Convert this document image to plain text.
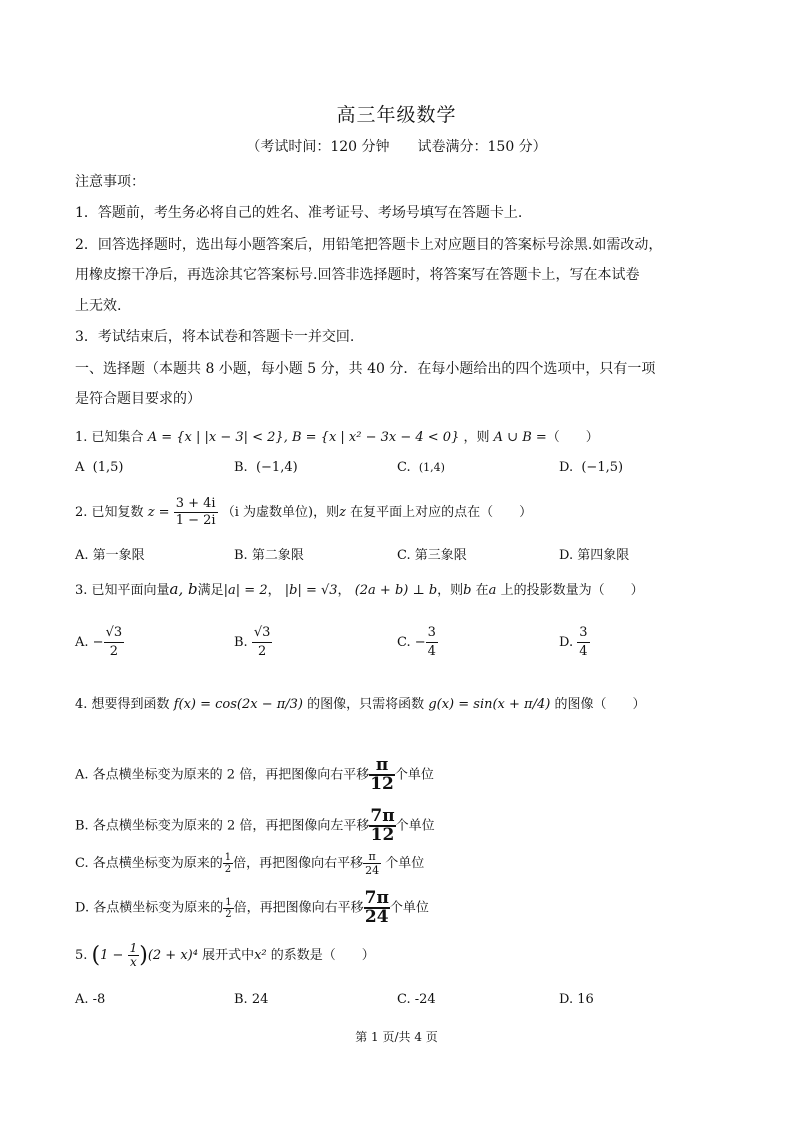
高三年级数学
（考试时间：120 分钟　　试卷满分：150 分）
注意事项：
1．答题前，考生务必将自己的姓名、准考证号、考场号填写在答题卡上.
2．回答选择题时，选出每小题答案后，用铅笔把答题卡上对应题目的答案标号涂黑.如需改动，
用橡皮擦干净后，再选涂其它答案标号.回答非选择题时，将答案写在答题卡上，写在本试卷
上无效.
3．考试结束后，将本试卷和答题卡一并交回.
一、选择题（本题共 8 小题，每小题 5 分，共 40 分．在每小题给出的四个选项中，只有一项
是符合题目要求的）
1. 已知集合 A = {x | |x − 3| < 2}, B = {x | x² − 3x − 4 < 0} ，则 A ∪ B =（　　）
A (1,5)	B. (−1,4)	C. (1,4)	D. (−1,5)
2. 已知复数 $z = \frac{3 + 4i}{1 - 2i} (i$ 为虚数单位)，则z 在复平面上对应的点在（　　）
A. 第一象限	B. 第二象限	C. 第三象限	D. 第四象限
3. 已知平面向量a, b满足|a| = 2， |b| = √3， (2a + b) ⊥ b，则b 在a 上的投影数量为（　　）
A. − $\frac{√3}{2}$	B. $\frac{√3}{2}$	C. − $\frac{3}{4}$	D. $\frac{3}{4}$
4. 想要得到函数 f(x) = cos(2x − π/3) 的图像，只需将函数 g(x) = sin(x + π/4) 的图像（　　）
A. 各点横坐标变为原来的 2 倍，再把图像向右平移 $\frac{\pi}{12}$ 个单位
B. 各点横坐标变为原来的 2 倍，再把图像向左平移 $\frac{7\pi}{12}$ 个单位
C. 各点横坐标变为原来的 $\frac{1}{2}$ 倍，再把图像向右平移 $\frac{\pi}{24}$ 个单位
D. 各点横坐标变为原来的 $\frac{1}{2}$ 倍，再把图像向右平移 $\frac{7\pi}{24}$ 个单位
5. $(1 - \frac{1}{x} )(2 + x)^4$ 展开式中x² 的系数是（　　）
A. -8	B. 24	C. -24	D. 16
第 1 页/共 4 页
